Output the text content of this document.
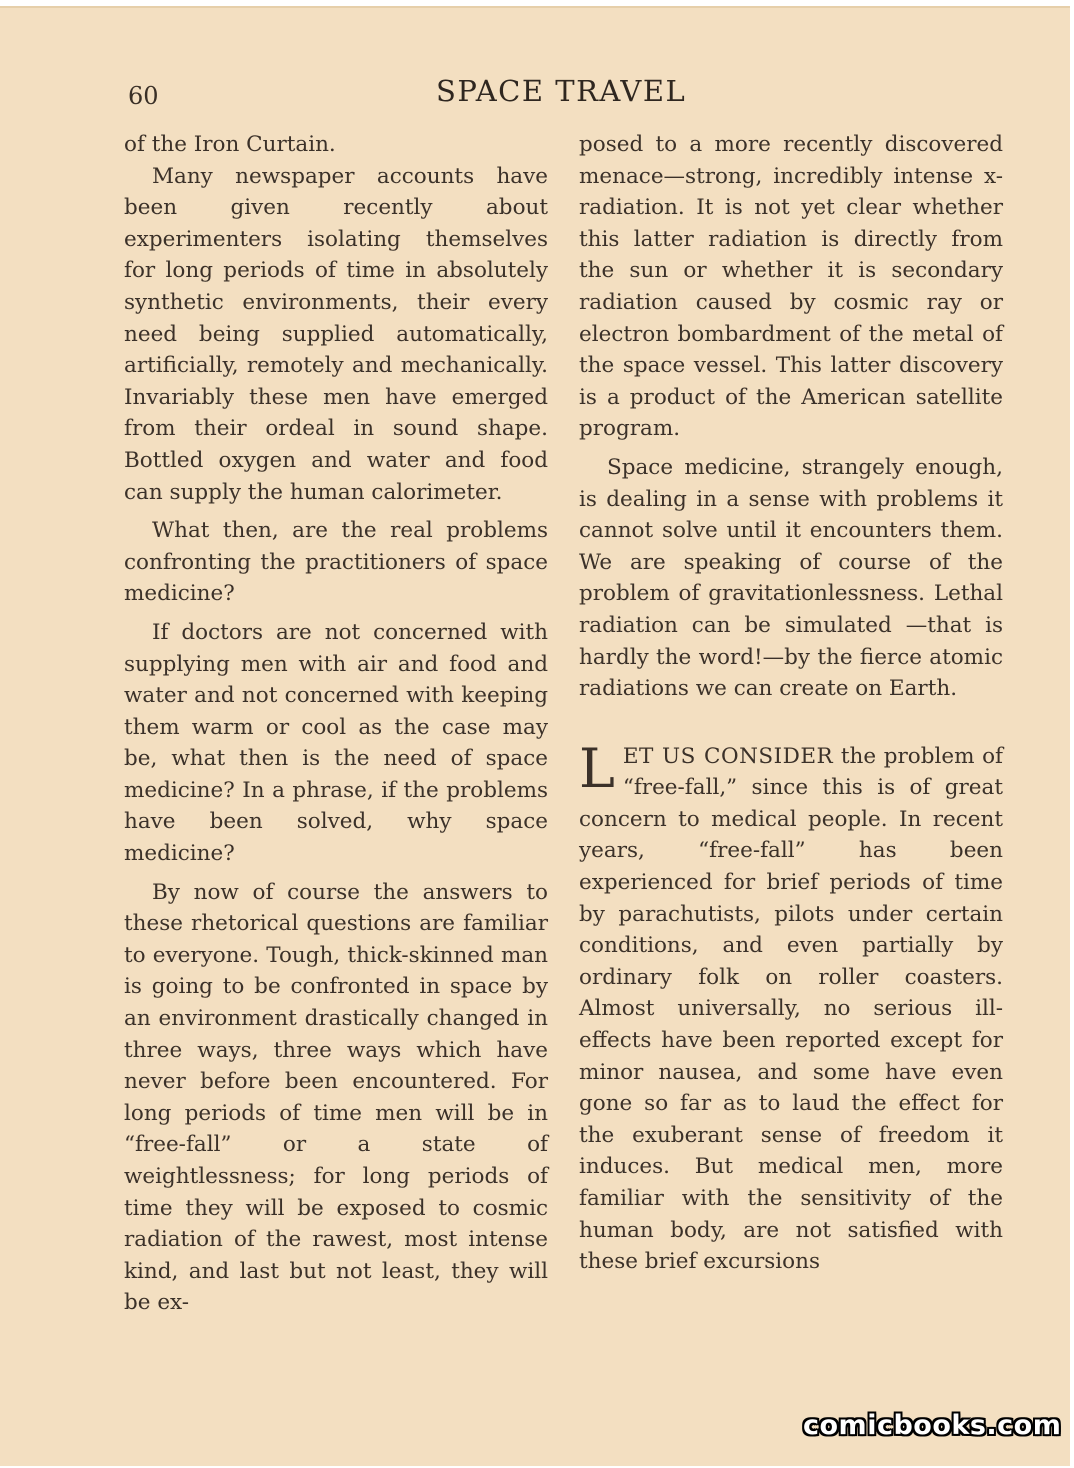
60	SPACE TRAVEL

of the Iron Curtain.

Many newspaper accounts have been given recently about experimenters isolating themselves for long periods of time in absolutely synthetic environments, their every need being supplied automatically, artificially, remotely and mechanically. Invariably these men have emerged from their ordeal in sound shape. Bottled oxygen and water and food can supply the human calorimeter.

What then, are the real problems confronting the practitioners of space medicine?

If doctors are not concerned with supplying men with air and food and water and not concerned with keeping them warm or cool as the case may be, what then is the need of space medicine? In a phrase, if the problems have been solved, why space medicine?

By now of course the answers to these rhetorical questions are familiar to everyone. Tough, thick-skinned man is going to be confronted in space by an environment drastically changed in three ways, three ways which have never before been encountered. For long periods of time men will be in “free-fall” or a state of weightlessness; for long periods of time they will be exposed to cosmic radiation of the rawest, most intense kind, and last but not least, they will be ex-

posed to a more recently discovered menace—strong, incredibly intense x-radiation. It is not yet clear whether this latter radiation is directly from the sun or whether it is secondary radiation caused by cosmic ray or electron bombardment of the metal of the space vessel. This latter discovery is a product of the American satellite program.

Space medicine, strangely enough, is dealing in a sense with problems it cannot solve until it encounters them. We are speaking of course of the problem of gravitationlessness. Lethal radiation can be simulated —that is hardly the word!—by the fierce atomic radiations we can create on Earth.

LET US CONSIDER the problem of “free-fall,” since this is of great concern to medical people. In recent years, “free-fall” has been experienced for brief periods of time by parachutists, pilots under certain conditions, and even partially by ordinary folk on roller coasters. Almost universally, no serious ill-effects have been reported except for minor nausea, and some have even gone so far as to laud the effect for the exuberant sense of freedom it induces. But medical men, more familiar with the sensitivity of the human body, are not satisfied with these brief excursions

comicbooks.com
